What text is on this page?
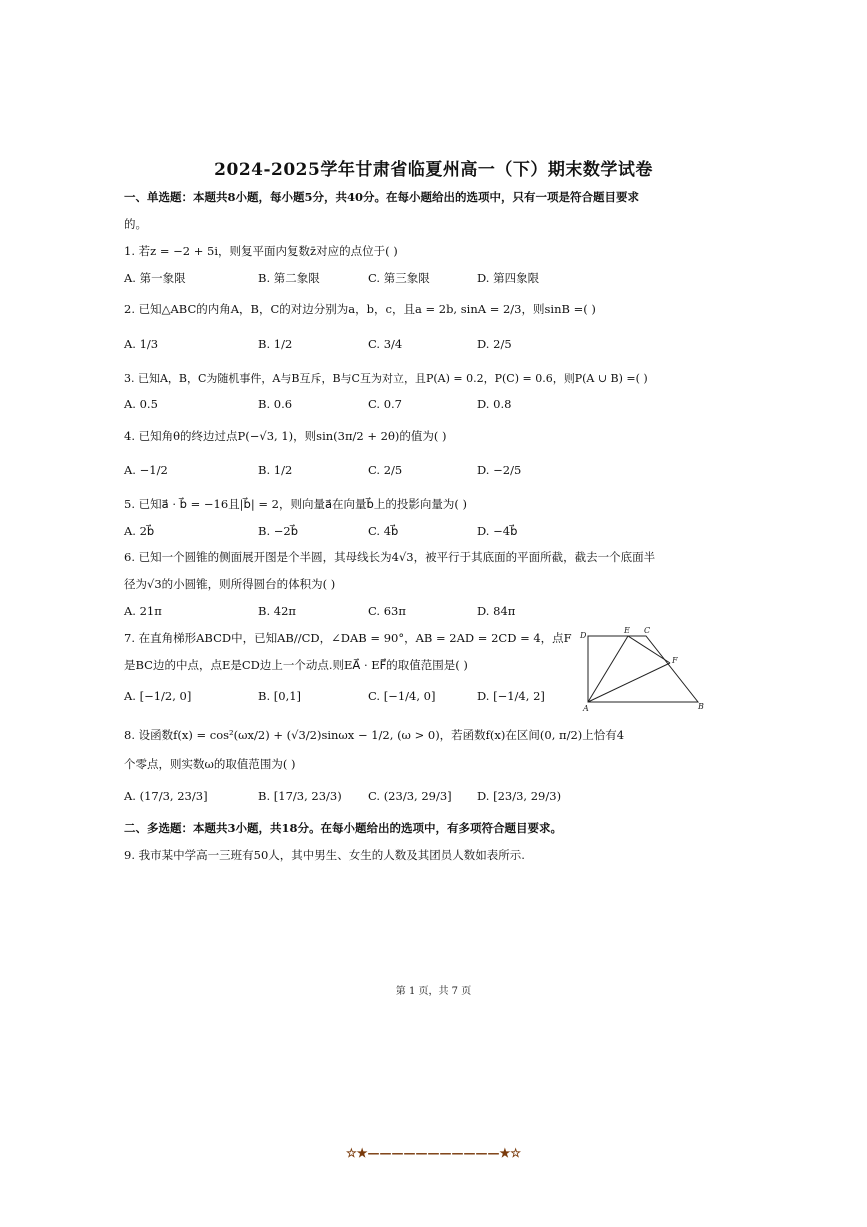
2024-2025学年甘肃省临夏州高一（下）期末数学试卷
一、单选题：本题共8小题，每小题5分，共40分。在每小题给出的选项中，只有一项是符合题目要求
的。
1. 若z = −2 + 5i，则复平面内复数z̄对应的点位于( )
A. 第一象限	B. 第二象限	C. 第三象限	D. 第四象限
2. 已知△ABC的内角A，B，C的对边分别为a，b，c，且a = 2b, sinA = 2/3，则sinB =( )
A. 1/3	B. 1/2	C. 3/4	D. 2/5
3. 已知A，B，C为随机事件，A与B互斥，B与C互为对立，且P(A) = 0.2，P(C) = 0.6，则P(A ∪ B) =( )
A. 0.5	B. 0.6	C. 0.7	D. 0.8
4. 已知角θ的终边过点P(−√3, 1)，则sin(3π/2 + 2θ)的值为( )
A. −1/2	B. 1/2	C. 2/5	D. −2/5
5. 已知a⃗ · b⃗ = −16且|b⃗| = 2，则向量a⃗在向量b⃗上的投影向量为( )
A. 2b⃗	B. −2b⃗	C. 4b⃗	D. −4b⃗
6. 已知一个圆锥的侧面展开图是个半圆，其母线长为4√3，被平行于其底面的平面所截，截去一个底面半
径为√3的小圆锥，则所得圆台的体积为( )
A. 21π	B. 42π	C. 63π	D. 84π
7. 在直角梯形ABCD中，已知AB//CD，∠DAB = 90°，AB = 2AD = 2CD = 4，点F
是BC边的中点，点E是CD边上一个动点.则EA⃗ · EF⃗的取值范围是( )
A. [−1/2, 0]	B. [0,1]	C. [−1/4, 0]	D. [−1/4, 2]
D
E C
F
A	B
8. 设函数f(x) = cos²(ωx/2) + (√3/2)sinωx − 1/2, (ω > 0)，若函数f(x)在区间(0, π/2)上恰有4
个零点，则实数ω的取值范围为( )
A. (17/3, 23/3]	B. [17/3, 23/3) C. (23/3, 29/3] D. [23/3, 29/3)
二、多选题：本题共3小题，共18分。在每小题给出的选项中，有多项符合题目要求。
9. 我市某中学高一三班有50人，其中男生、女生的人数及其团员人数如表所示.
第 1 页，共 7 页
☆★———————————★☆
